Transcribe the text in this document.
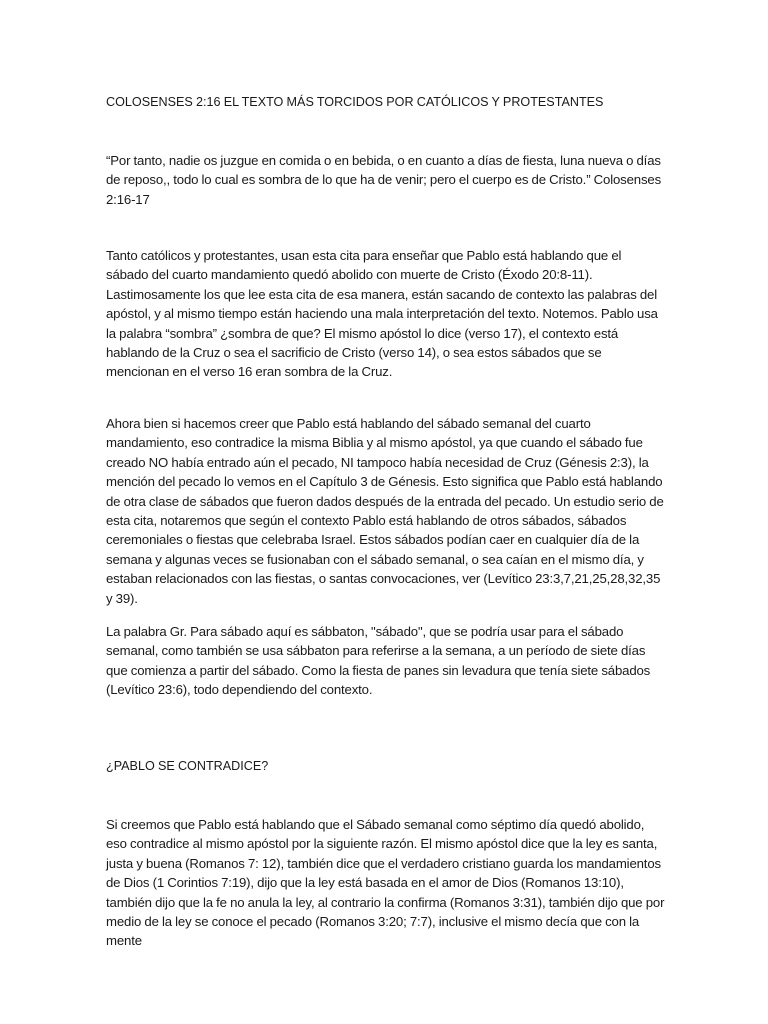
COLOSENSES 2:16 EL TEXTO MÁS TORCIDOS POR CATÓLICOS Y PROTESTANTES

“Por tanto, nadie os juzgue en comida o en bebida, o en cuanto a días de fiesta, luna nueva o días de reposo,, todo lo cual es sombra de lo que ha de venir; pero el cuerpo es de Cristo.” Colosenses 2:16-17

Tanto católicos y protestantes, usan esta cita para enseñar que Pablo está hablando que el sábado del cuarto mandamiento quedó abolido con muerte de Cristo (Éxodo 20:8-11). Lastimosamente los que lee esta cita de esa manera, están sacando de contexto las palabras del apóstol, y al mismo tiempo están haciendo una mala interpretación del texto. Notemos. Pablo usa la palabra “sombra” ¿sombra de que? El mismo apóstol lo dice (verso 17), el contexto está hablando de la Cruz o sea el sacrificio de Cristo (verso 14), o sea estos sábados que se mencionan en el verso 16 eran sombra de la Cruz.

Ahora bien si hacemos creer que Pablo está hablando del sábado semanal del cuarto mandamiento, eso contradice la misma Biblia y al mismo apóstol, ya que cuando el sábado fue creado NO había entrado aún el pecado, NI tampoco había necesidad de Cruz (Génesis 2:3), la mención del pecado lo vemos en el Capítulo 3 de Génesis. Esto significa que Pablo está hablando de otra clase de sábados que fueron dados después de la entrada del pecado. Un estudio serio de esta cita, notaremos que según el contexto Pablo está hablando de otros sábados, sábados ceremoniales o fiestas que celebraba Israel. Estos sábados podían caer en cualquier día de la semana y algunas veces se fusionaban con el sábado semanal, o sea caían en el mismo día, y estaban relacionados con las fiestas, o santas convocaciones, ver (Levítico 23:3,7,21,25,28,32,35 y 39).

La palabra Gr. Para sábado aquí es sábbaton, "sábado", que se podría usar para el sábado semanal, como también se usa sábbaton para referirse a la semana, a un período de siete días que comienza a partir del sábado. Como la fiesta de panes sin levadura que tenía siete sábados (Levítico 23:6), todo dependiendo del contexto.

¿PABLO SE CONTRADICE?

Si creemos que Pablo está hablando que el Sábado semanal como séptimo día quedó abolido, eso contradice al mismo apóstol por la siguiente razón. El mismo apóstol dice que la ley es santa, justa y buena (Romanos 7: 12), también dice que el verdadero cristiano guarda los mandamientos de Dios (1 Corintios 7:19), dijo que la ley está basada en el amor de Dios (Romanos 13:10), también dijo que la fe no anula la ley, al contrario la confirma (Romanos 3:31), también dijo que por medio de la ley se conoce el pecado (Romanos 3:20; 7:7), inclusive el mismo decía que con la mente
